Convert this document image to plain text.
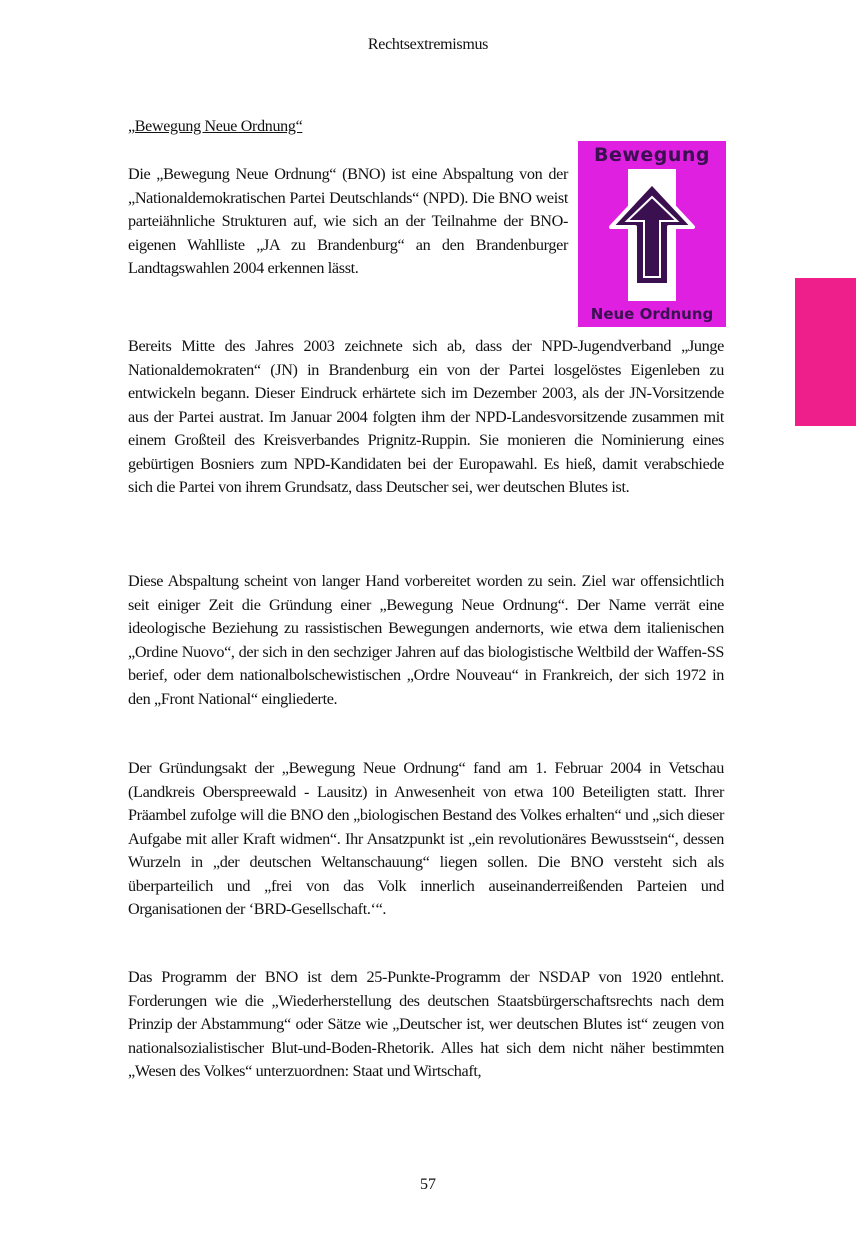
Rechtsextremismus
„Bewegung Neue Ordnung“
Bewegung
Neue Ordnung

Die „Bewegung Neue Ordnung“ (BNO) ist eine Abspaltung von der „Nationaldemokratischen Partei Deutschlands“ (NPD). Die BNO weist parteiähnliche Strukturen auf, wie sich an der Teilnahme der BNO-eigenen Wahlliste „JA zu Brandenburg“ an den Brandenburger Landtagswahlen 2004 erkennen lässt.

Bereits Mitte des Jahres 2003 zeichnete sich ab, dass der NPD-Jugendverband „Junge Nationaldemokraten“ (JN) in Brandenburg ein von der Partei losgelöstes Eigenleben zu entwickeln begann. Dieser Eindruck erhärtete sich im Dezember 2003, als der JN-Vorsitzende aus der Partei austrat. Im Januar 2004 folgten ihm der NPD-Landesvorsitzende zusammen mit einem Großteil des Kreisverbandes Prignitz-Ruppin. Sie monieren die Nominierung eines gebürtigen Bosniers zum NPD-Kandidaten bei der Europawahl. Es hieß, damit verabschiede sich die Partei von ihrem Grundsatz, dass Deutscher sei, wer deutschen Blutes ist.

Diese Abspaltung scheint von langer Hand vorbereitet worden zu sein. Ziel war offensichtlich seit einiger Zeit die Gründung einer „Bewegung Neue Ordnung“. Der Name verrät eine ideologische Beziehung zu rassistischen Bewegungen andernorts, wie etwa dem italienischen „Ordine Nuovo“, der sich in den sechziger Jahren auf das biologistische Weltbild der Waffen-SS berief, oder dem nationalbolschewistischen „Ordre Nouveau“ in Frankreich, der sich 1972 in den „Front National“ eingliederte.

Der Gründungsakt der „Bewegung Neue Ordnung“ fand am 1. Februar 2004 in Vetschau (Landkreis Oberspreewald - Lausitz) in Anwesenheit von etwa 100 Beteiligten statt. Ihrer Präambel zufolge will die BNO den „biologischen Bestand des Volkes erhalten“ und „sich dieser Aufgabe mit aller Kraft widmen“. Ihr Ansatzpunkt ist „ein revolutionäres Bewusstsein“, dessen Wurzeln in „der deutschen Weltanschauung“ liegen sollen. Die BNO versteht sich als überparteilich und „frei von das Volk innerlich auseinanderreißenden Parteien und Organisationen der ‘BRD-Gesellschaft.‘“.

Das Programm der BNO ist dem 25-Punkte-Programm der NSDAP von 1920 entlehnt. Forderungen wie die „Wiederherstellung des deutschen Staatsbürgerschaftsrechts nach dem Prinzip der Abstammung“ oder Sätze wie „Deutscher ist, wer deutschen Blutes ist“ zeugen von nationalsozialistischer Blut-und-Boden-Rhetorik. Alles hat sich dem nicht näher bestimmten „Wesen des Volkes“ unterzuordnen: Staat und Wirtschaft,

57
